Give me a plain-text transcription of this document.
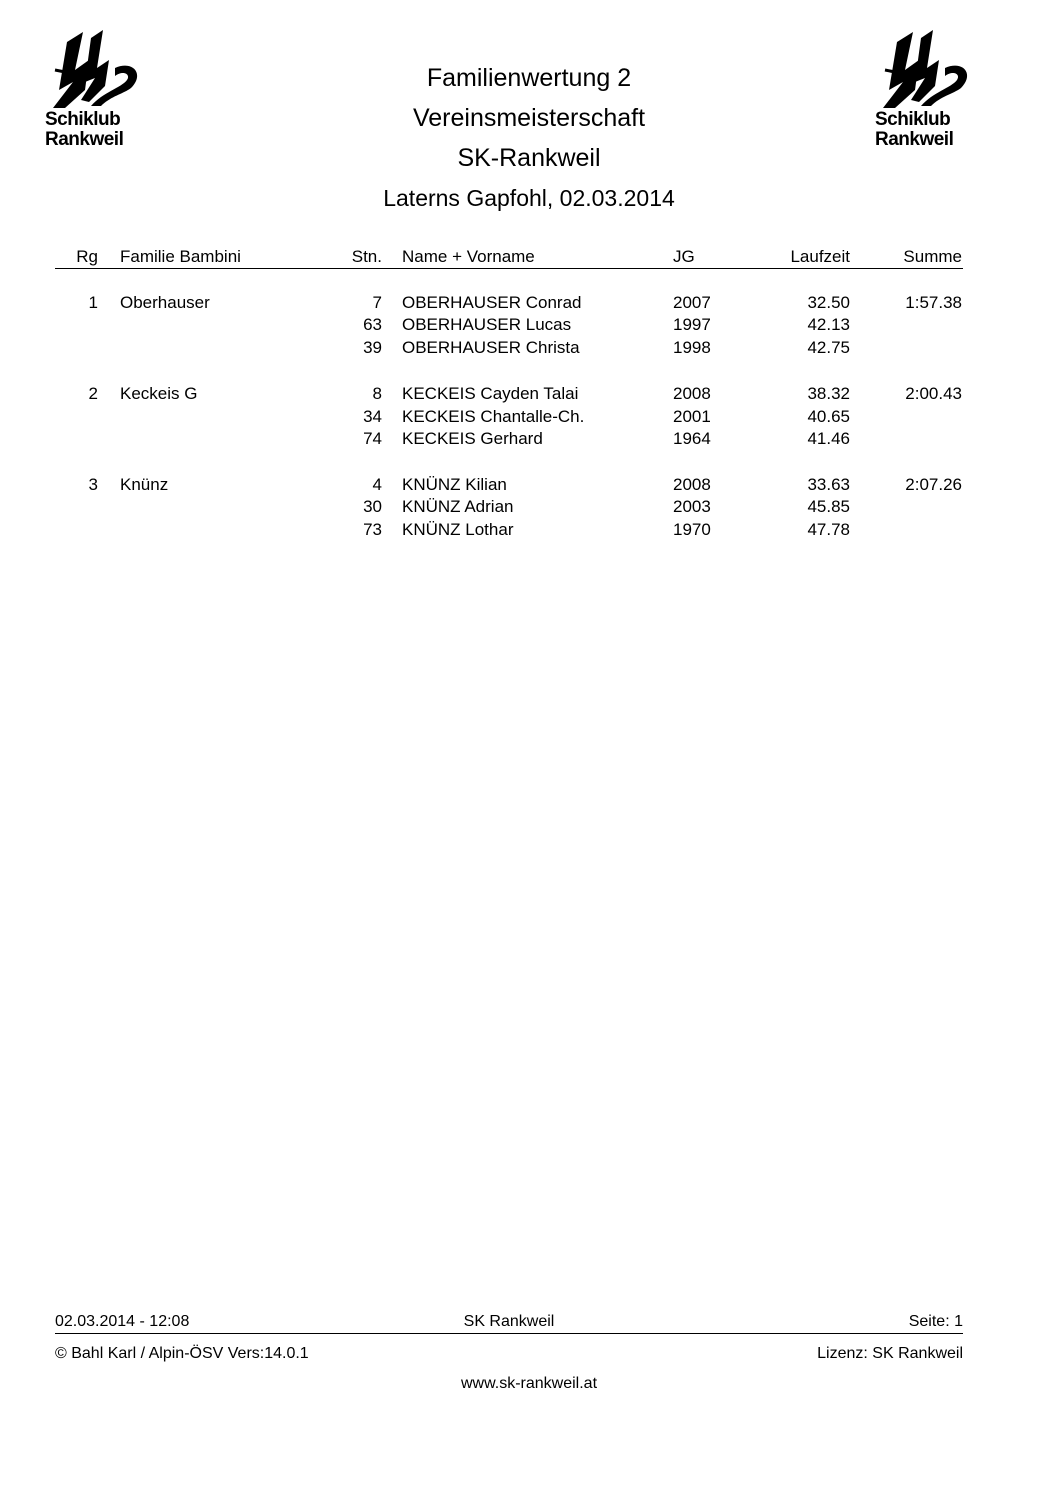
Schiklub
Rankweil
Schiklub
Rankweil
Familienwertung 2
Vereinsmeisterschaft
SK-Rankweil
Laterns Gapfohl, 02.03.2014
Rg Familie Bambini	Stn. Name + Vorname	JG	Laufzeit	Summe
1 Oberhauser	7 OBERHAUSER Conrad	2007	32.50	1:57.38
63 OBERHAUSER Lucas	1997	42.13
39 OBERHAUSER Christa	1998	42.75
2 Keckeis G	8 KECKEIS Cayden Talai	2008	38.32	2:00.43
34 KECKEIS Chantalle-Ch.	2001	40.65
74 KECKEIS Gerhard	1964	41.46
3 Knünz	4 KNÜNZ Kilian	2008	33.63	2:07.26
30 KNÜNZ Adrian	2003	45.85
73 KNÜNZ Lothar	1970	47.78
02.03.2014 - 12:08	SK Rankweil	Seite: 1
© Bahl Karl / Alpin-ÖSV Vers:14.0.1	Lizenz: SK Rankweil
www.sk-rankweil.at
